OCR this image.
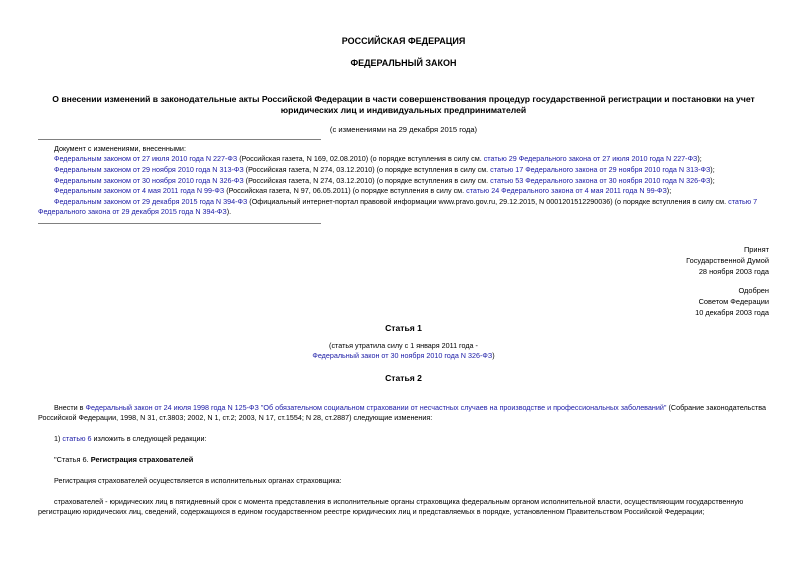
РОССИЙСКАЯ ФЕДЕРАЦИЯ
ФЕДЕРАЛЬНЫЙ ЗАКОН
О внесении изменений в законодательные акты Российской Федерации в части совершенствования процедур государственной регистрации и постановки на учет
юридических лиц и индивидуальных предпринимателей
(с изменениями на 29 декабря 2015 года)
Документ с изменениями, внесенными:
Федеральным законом от 27 июля 2010 года N 227-ФЗ (Российская газета, N 169, 02.08.2010) (о порядке вступления в силу см. статью 29 Федерального закона от 27 июля 2010 года N 227-ФЗ);
Федеральным законом от 29 ноября 2010 года N 313-ФЗ (Российская газета, N 274, 03.12.2010) (о порядке вступления в силу см. статью 17 Федерального закона от 29 ноября 2010 года N 313-ФЗ);
Федеральным законом от 30 ноября 2010 года N 326-ФЗ (Российская газета, N 274, 03.12.2010) (о порядке вступления в силу см. статью 53 Федерального закона от 30 ноября 2010 года N 326-ФЗ);
Федеральным законом от 4 мая 2011 года N 99-ФЗ (Российская газета, N 97, 06.05.2011) (о порядке вступления в силу см. статью 24 Федерального закона от 4 мая 2011 года N 99-ФЗ);
Федеральным законом от 29 декабря 2015 года N 394-ФЗ (Официальный интернет-портал правовой информации www.pravo.gov.ru, 29.12.2015, N 0001201512290036) (о порядке вступления в силу см. статью 7
Федерального закона от 29 декабря 2015 года N 394-ФЗ).
Принят
Государственной Думой
28 ноября 2003 года
Одобрен
Советом Федерации
10 декабря 2003 года
Статья 1
(статья утратила силу с 1 января 2011 года -
Федеральный закон от 30 ноября 2010 года N 326-ФЗ)
Статья 2
Внести в Федеральный закон от 24 июля 1998 года N 125-ФЗ "Об обязательном социальном страховании от несчастных случаев на производстве и профессиональных заболеваний" (Собрание законодательства
Российской Федерации, 1998, N 31, ст.3803; 2002, N 1, ст.2; 2003, N 17, ст.1554; N 28, ст.2887) следующие изменения:
1) статью 6 изложить в следующей редакции:
"Статья 6. Регистрация страхователей
Регистрация страхователей осуществляется в исполнительных органах страховщика:
страхователей - юридических лиц в пятидневный срок с момента представления в исполнительные органы страховщика федеральным органом исполнительной власти, осуществляющим государственную
регистрацию юридических лиц, сведений, содержащихся в едином государственном реестре юридических лиц и представляемых в порядке, установленном Правительством Российской Федерации;
